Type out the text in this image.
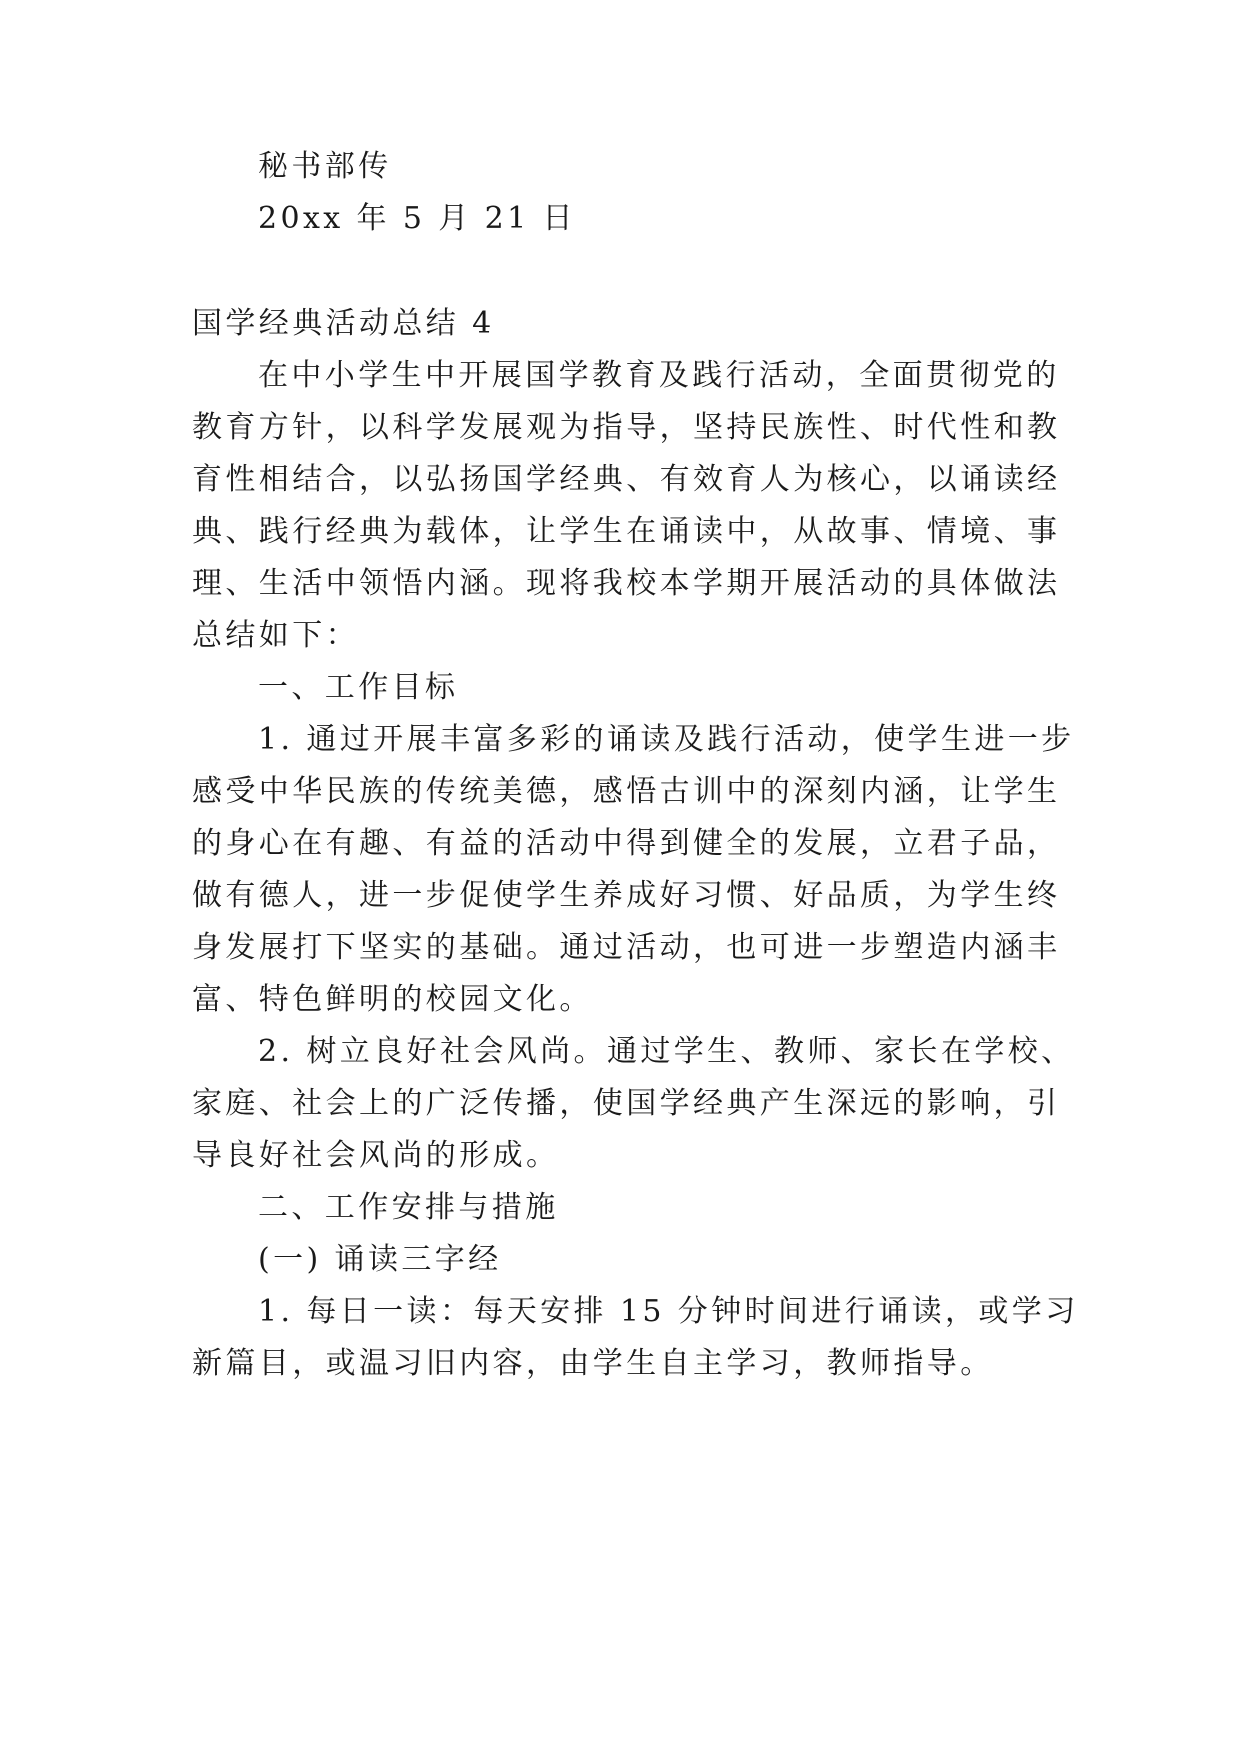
秘书部传
20xx 年 5 月 21 日
国学经典活动总结 4
在中小学生中开展国学教育及践行活动，全面贯彻党的
教育方针，以科学发展观为指导，坚持民族性、时代性和教
育性相结合，以弘扬国学经典、有效育人为核心，以诵读经
典、践行经典为载体，让学生在诵读中，从故事、情境、事
理、生活中领悟内涵。现将我校本学期开展活动的具体做法
总结如下：
一、工作目标
1. 通过开展丰富多彩的诵读及践行活动，使学生进一步
感受中华民族的传统美德，感悟古训中的深刻内涵，让学生
的身心在有趣、有益的活动中得到健全的发展，立君子品，
做有德人，进一步促使学生养成好习惯、好品质，为学生终
身发展打下坚实的基础。通过活动，也可进一步塑造内涵丰
富、特色鲜明的校园文化。
2. 树立良好社会风尚。通过学生、教师、家长在学校、
家庭、社会上的广泛传播，使国学经典产生深远的影响，引
导良好社会风尚的形成。
二、工作安排与措施
(一) 诵读三字经
1. 每日一读：每天安排 15 分钟时间进行诵读，或学习
新篇目，或温习旧内容，由学生自主学习，教师指导。
